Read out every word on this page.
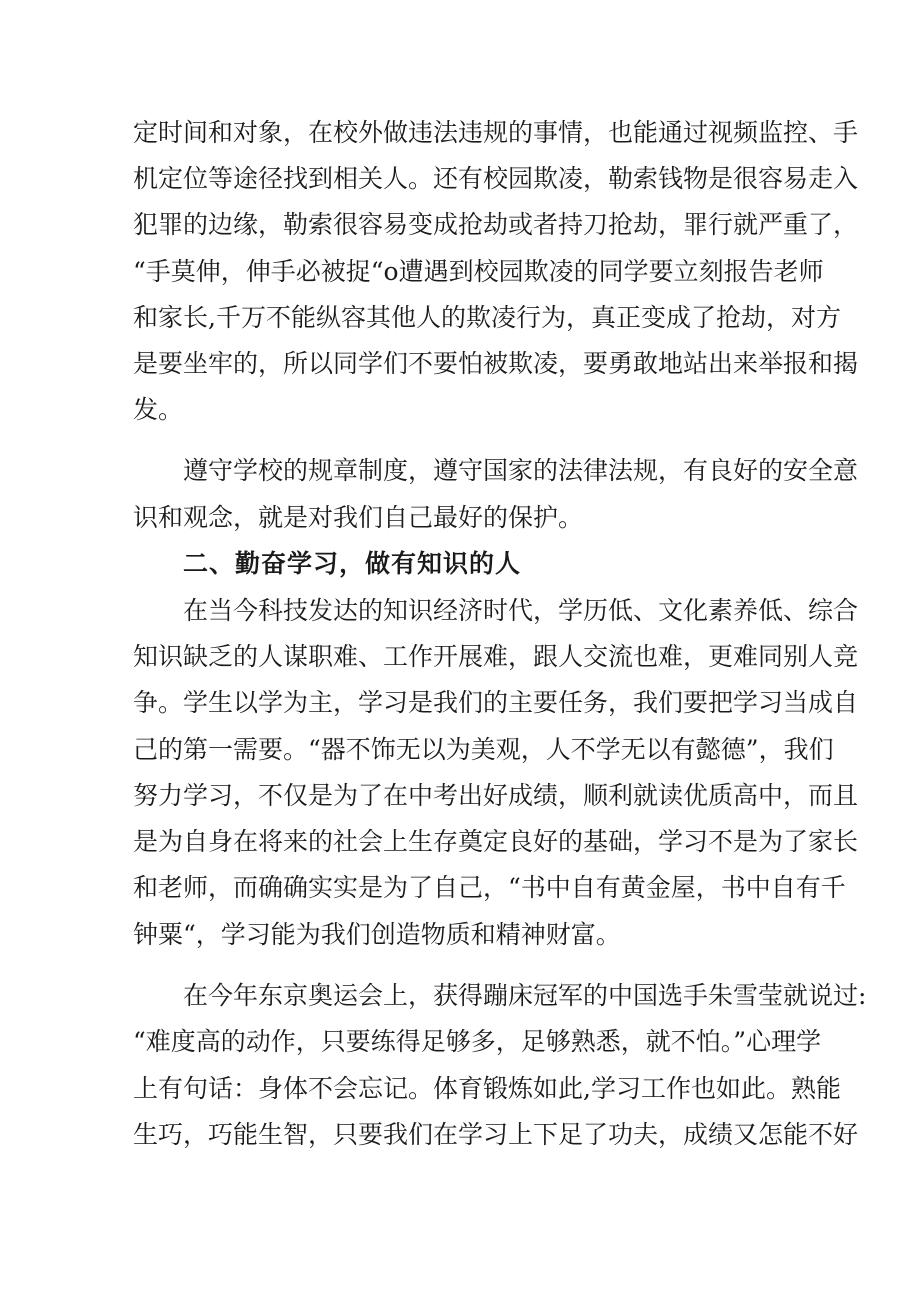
定时间和对象，在校外做违法违规的事情，也能通过视频监控、手
机定位等途径找到相关人。还有校园欺凌，勒索钱物是很容易走入
犯罪的边缘，勒索很容易变成抢劫或者持刀抢劫，罪行就严重了，
“手莫伸，伸手必被捉“o遭遇到校园欺凌的同学要立刻报告老师
和家长,千万不能纵容其他人的欺凌行为，真正变成了抢劫，对方
是要坐牢的，所以同学们不要怕被欺凌，要勇敢地站出来举报和揭
发。
遵守学校的规章制度，遵守国家的法律法规，有良好的安全意
识和观念，就是对我们自己最好的保护。
二、勤奋学习，做有知识的人
在当今科技发达的知识经济时代，学历低、文化素养低、综合
知识缺乏的人谋职难、工作开展难，跟人交流也难，更难同别人竞
争。学生以学为主，学习是我们的主要任务，我们要把学习当成自
己的第一需要。“器不饰无以为美观，人不学无以有懿德”，我们
努力学习，不仅是为了在中考出好成绩，顺利就读优质高中，而且
是为自身在将来的社会上生存奠定良好的基础，学习不是为了家长
和老师，而确确实实是为了自己，“书中自有黄金屋，书中自有千
钟粟“，学习能为我们创造物质和精神财富。
在今年东京奥运会上，获得蹦床冠军的中国选手朱雪莹就说过:
“难度高的动作，只要练得足够多，足够熟悉，就不怕。”心理学
上有句话：身体不会忘记。体育锻炼如此,学习工作也如此。熟能
生巧，巧能生智，只要我们在学习上下足了功夫，成绩又怎能不好
